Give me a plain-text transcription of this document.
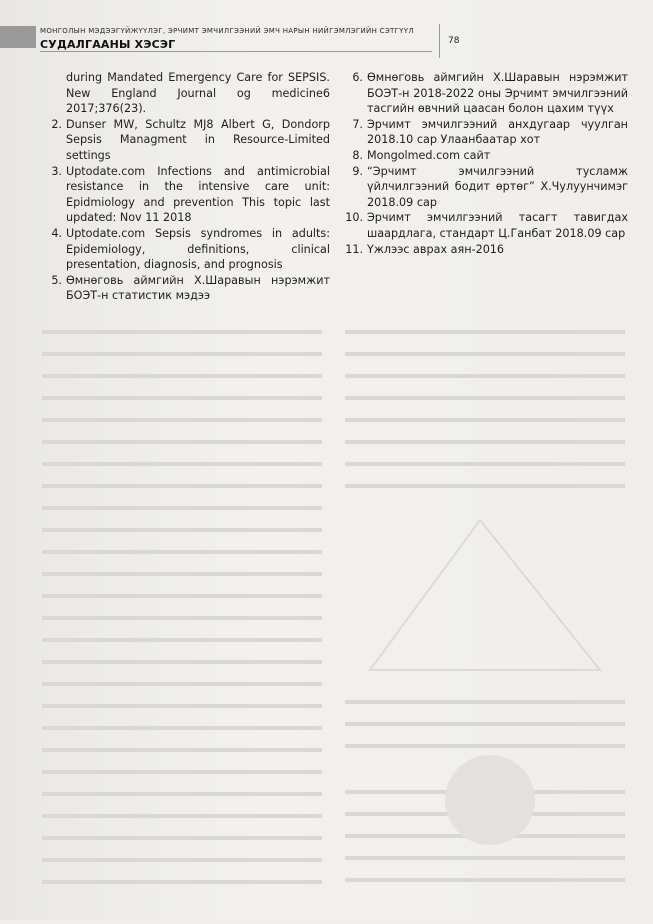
МОНГОЛЫН МЭДЭЭГҮЙЖҮҮЛЭГ, ЭРЧИМТ ЭМЧИЛГЭЭНИЙ ЭМЧ НАРЫН НИЙГЭМЛЭГИЙН СЭТГҮҮЛ
СУДАЛГААНЫ ХЭСЭГ	78
during Mandated Emergency Care for SEPSIS. New England Journal og medicine6 2017;376(23).
2. Dunser MW, Schultz MJ8 Albert G, Dondorp Sepsis Managment in Resource-Limited settings
3. Uptodate.com Infections and antimicrobial resistance in the intensive care unit: Epidmiology and prevention This topic last updated: Nov 11 2018
4. Uptodate.com Sepsis syndromes in adults: Epidemiology, definitions, clinical presentation, diagnosis, and prognosis
5. Өмнөговь аймгийн Х.Шаравын нэрэмжит БОЭТ-н статистик мэдээ
6. Өмнөговь аймгийн Х.Шаравын нэрэмжит БОЭТ-н 2018-2022 оны Эрчимт эмчилгээний тасгийн өвчний цаасан болон цахим түүх
7. Эрчимт эмчилгээний анхдугаар чуулган 2018.10 сар Улаанбаатар хот
8. Mongolmed.com сайт
9. “Эрчимт эмчилгээний тусламж үйлчилгээний бодит өртөг” Х.Чулуунчимэг 2018.09 сар
10. Эрчимт эмчилгээний тасагт тавигдах шаардлага, стандарт Ц.Ганбат 2018.09 сар
11. Үжлээс аврах аян-2016
